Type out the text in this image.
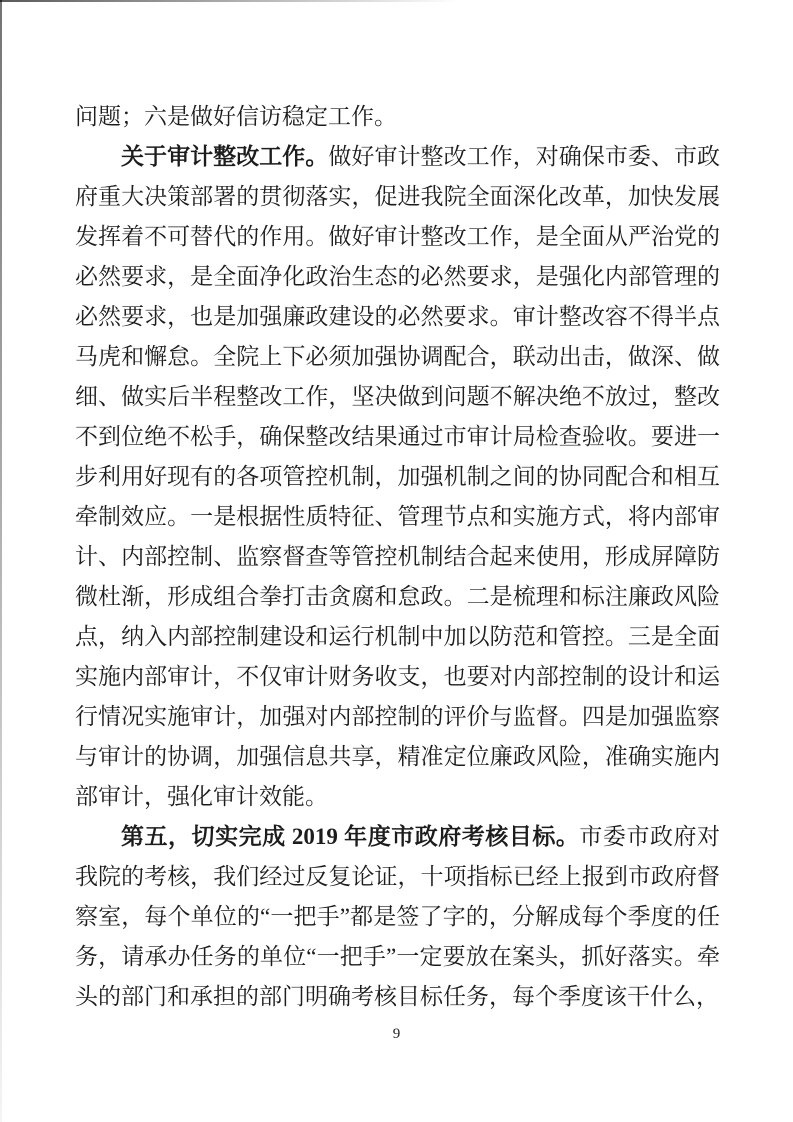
问题；六是做好信访稳定工作。

关于审计整改工作。做好审计整改工作，对确保市委、市政府重大决策部署的贯彻落实，促进我院全面深化改革，加快发展发挥着不可替代的作用。做好审计整改工作，是全面从严治党的必然要求，是全面净化政治生态的必然要求，是强化内部管理的必然要求，也是加强廉政建设的必然要求。审计整改容不得半点马虎和懈怠。全院上下必须加强协调配合，联动出击，做深、做细、做实后半程整改工作，坚决做到问题不解决绝不放过，整改不到位绝不松手，确保整改结果通过市审计局检查验收。要进一步利用好现有的各项管控机制，加强机制之间的协同配合和相互牵制效应。一是根据性质特征、管理节点和实施方式，将内部审计、内部控制、监察督查等管控机制结合起来使用，形成屏障防微杜渐，形成组合拳打击贪腐和怠政。二是梳理和标注廉政风险点，纳入内部控制建设和运行机制中加以防范和管控。三是全面实施内部审计，不仅审计财务收支，也要对内部控制的设计和运行情况实施审计，加强对内部控制的评价与监督。四是加强监察与审计的协调，加强信息共享，精准定位廉政风险，准确实施内部审计，强化审计效能。

第五，切实完成 2019 年度市政府考核目标。市委市政府对我院的考核，我们经过反复论证，十项指标已经上报到市政府督察室，每个单位的“一把手”都是签了字的，分解成每个季度的任务，请承办任务的单位“一把手”一定要放在案头，抓好落实。牵头的部门和承担的部门明确考核目标任务，每个季度该干什么，

9
